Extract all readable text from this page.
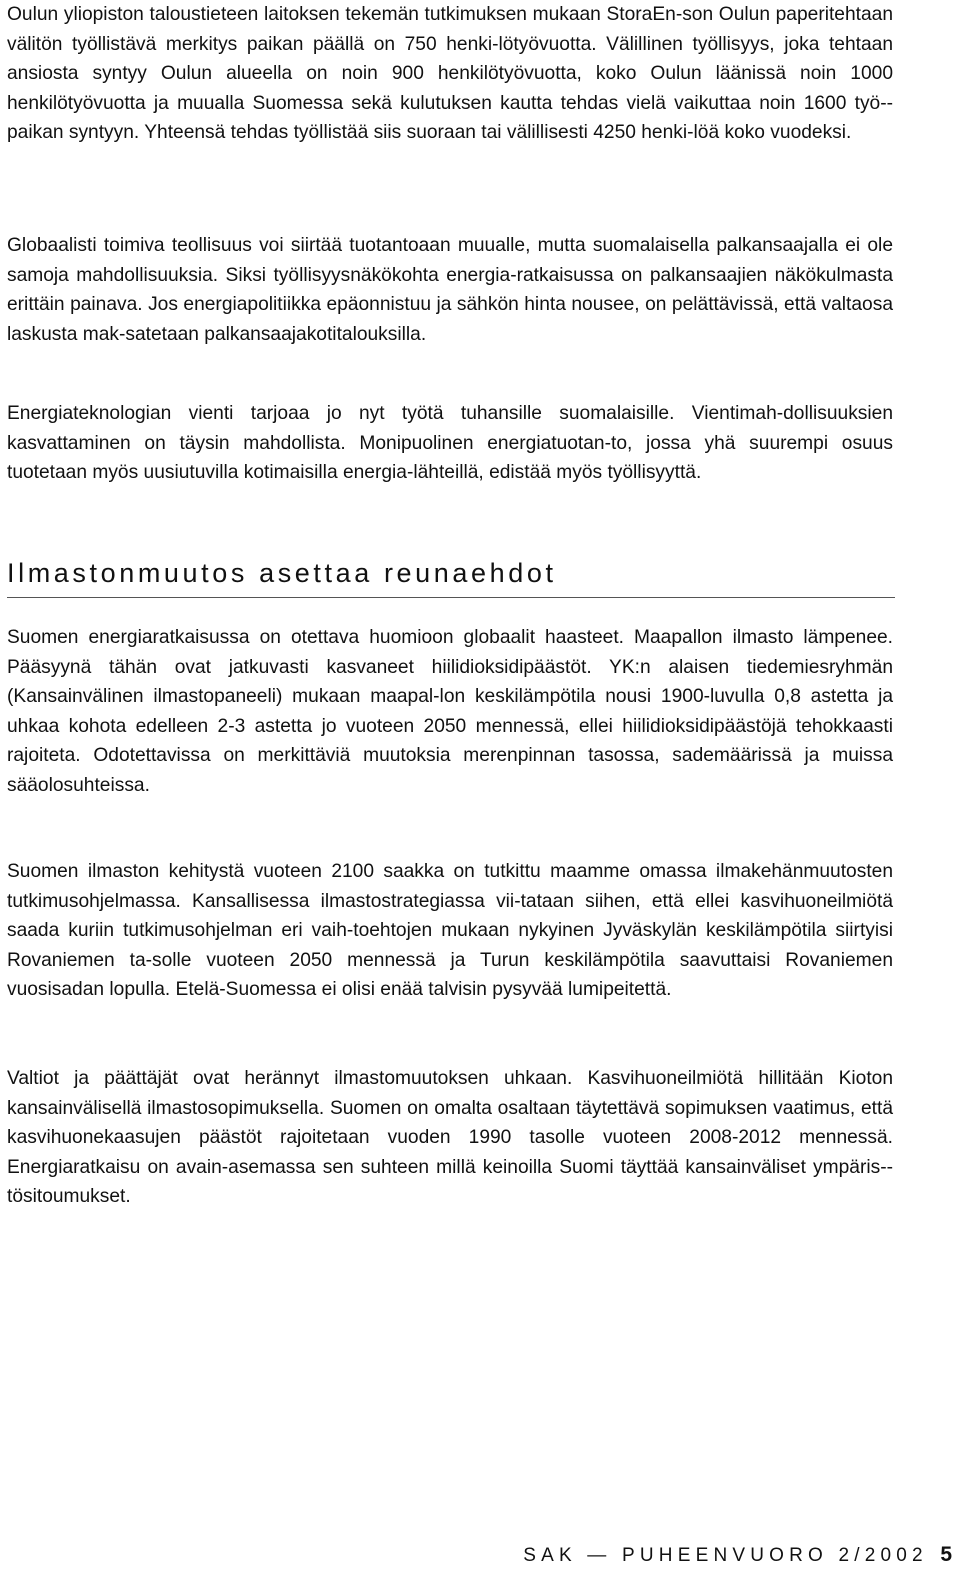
Oulun yliopiston taloustieteen laitoksen tekemän tutkimuksen mukaan StoraEn-son Oulun paperitehtaan välitön työllistävä merkitys paikan päällä on 750 henki-lötyövuotta. Välillinen työllisyys, joka tehtaan ansiosta syntyy Oulun alueella on noin 900 henkilötyövuotta, koko Oulun läänissä noin 1000 henkilötyövuotta ja muualla Suomessa sekä kulutuksen kautta tehdas vielä vaikuttaa noin 1600 työ-paikan syntyyn. Yhteensä tehdas työllistää siis suoraan tai välillisesti 4250 henki-löä koko vuodeksi.

Globaalisti toimiva teollisuus voi siirtää tuotantoaan muualle, mutta suomalaisella palkansaajalla ei ole samoja mahdollisuuksia. Siksi työllisyysnäkökohta energia-ratkaisussa on palkansaajien näkökulmasta erittäin painava. Jos energiapolitiikka epäonnistuu ja sähkön hinta nousee, on pelättävissä, että valtaosa laskusta mak-satetaan palkansaajakotitalouksilla.

Energiateknologian vienti tarjoaa jo nyt työtä tuhansille suomalaisille. Vientimah-dollisuuksien kasvattaminen on täysin mahdollista. Monipuolinen energiatuotan-to, jossa yhä suurempi osuus tuotetaan myös uusiutuvilla kotimaisilla energia-lähteillä, edistää myös työllisyyttä.

Ilmastonmuutos asettaa reunaehdot

Suomen energiaratkaisussa on otettava huomioon globaalit haasteet. Maapallon ilmasto lämpenee. Pääsyynä tähän ovat jatkuvasti kasvaneet hiilidioksidipäästöt. YK:n alaisen tiedemiesryhmän (Kansainvälinen ilmastopaneeli) mukaan maapal-lon keskilämpötila nousi 1900-luvulla 0,8 astetta ja uhkaa kohota edelleen 2-3 astetta jo vuoteen 2050 mennessä, ellei hiilidioksidipäästöjä tehokkaasti rajoiteta. Odotettavissa on merkittäviä muutoksia merenpinnan tasossa, sademäärissä ja muissa sääolosuhteissa.

Suomen ilmaston kehitystä vuoteen 2100 saakka on tutkittu maamme omassa ilmakehänmuutosten tutkimusohjelmassa. Kansallisessa ilmastostrategiassa vii-tataan siihen, että ellei kasvihuoneilmiötä saada kuriin tutkimusohjelman eri vaih-toehtojen mukaan nykyinen Jyväskylän keskilämpötila siirtyisi Rovaniemen ta-solle vuoteen 2050 mennessä ja Turun keskilämpötila saavuttaisi Rovaniemen vuosisadan lopulla. Etelä-Suomessa ei olisi enää talvisin pysyvää lumipeitettä.

Valtiot ja päättäjät ovat herännyt ilmastomuutoksen uhkaan. Kasvihuoneilmiötä hillitään Kioton kansainvälisellä ilmastosopimuksella. Suomen on omalta osaltaan täytettävä sopimuksen vaatimus, että kasvihuonekaasujen päästöt rajoitetaan vuoden 1990 tasolle vuoteen 2008-2012 mennessä. Energiaratkaisu on avain-asemassa sen suhteen millä keinoilla Suomi täyttää kansainväliset ympäris-tösitoumukset.

SAK — PUHEENVUORO 2/2002 5
